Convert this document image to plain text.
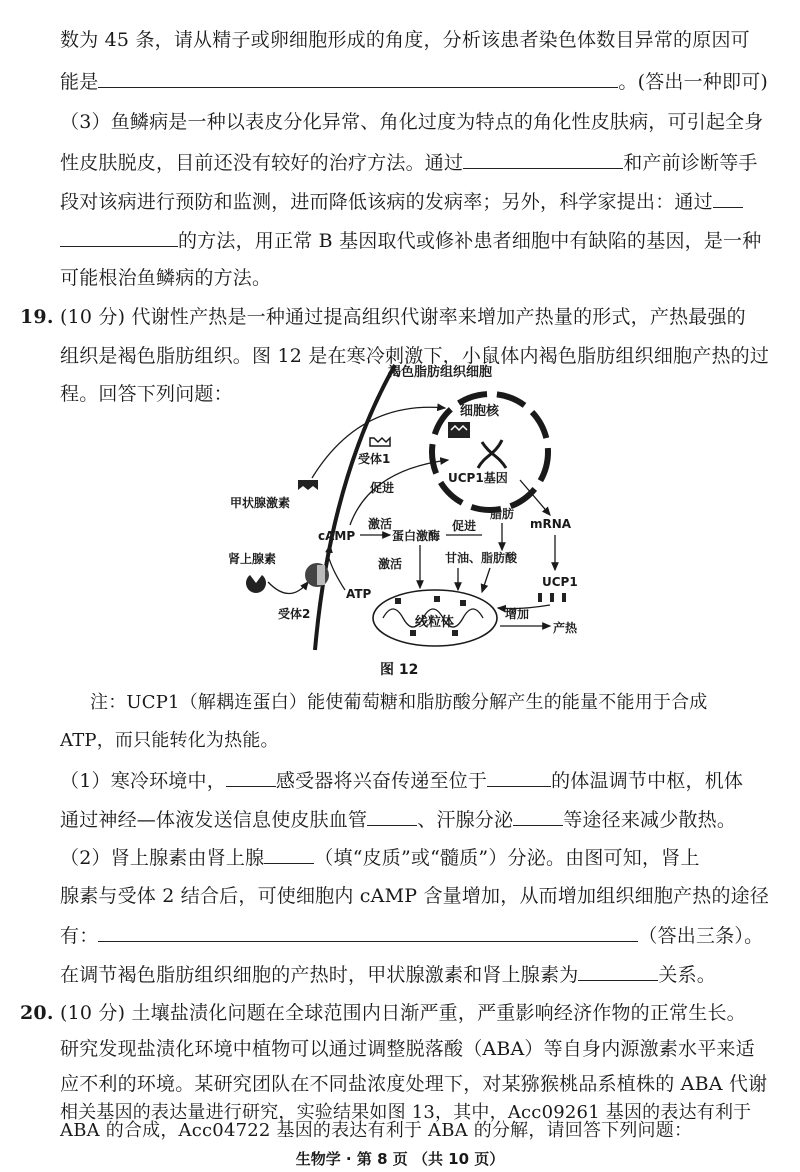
数为 45 条，请从精子或卵细胞形成的角度，分析该患者染色体数目异常的原因可
能是	。(答出一种即可)
（3）鱼鳞病是一种以表皮分化异常、角化过度为特点的角化性皮肤病，可引起全身
性皮肤脱皮，目前还没有较好的治疗方法。通过	和产前诊断等手
段对该病进行预防和监测，进而降低该病的发病率；另外，科学家提出：通过
的方法，用正常 B 基因取代或修补患者细胞中有缺陷的基因，是一种
可能根治鱼鳞病的方法。
19. (10 分) 代谢性产热是一种通过提高组织代谢率来增加产热量的形式，产热最强的
组织是褐色脂肪组织。图 12 是在寒冷刺激下，小鼠体内褐色脂肪组织细胞产热的过
程。回答下列问题：
褐色脂肪组织细胞
细胞核
UCP1基因
受体1
甲状腺激素
促进
cAMP
激活
蛋白激酶
脂肪
促进	mRNA
肾上腺素
受体2
ATP
激活	甘油、脂肪酸
UCP1
线粒体
增加
产热
图 12
注：UCP1（解耦连蛋白）能使葡萄糖和脂肪酸分解产生的能量不能用于合成
ATP，而只能转化为热能。
（1）寒冷环境中，	感受器将兴奋传递至位于	的体温调节中枢，机体
通过神经—体液发送信息使皮肤血管	、汗腺分泌	等途径来减少散热。
（2）肾上腺素由肾上腺	（填“皮质”或“髓质”）分泌。由图可知，肾上
腺素与受体 2 结合后，可使细胞内 cAMP 含量增加，从而增加组织细胞产热的途径
有：	（答出三条）。
在调节褐色脂肪组织细胞的产热时，甲状腺激素和肾上腺素为	关系。
20. (10 分) 土壤盐渍化问题在全球范围内日渐严重，严重影响经济作物的正常生长。
研究发现盐渍化环境中植物可以通过调整脱落酸（ABA）等自身内源激素水平来适
应不利的环境。某研究团队在不同盐浓度处理下，对某猕猴桃品系植株的 ABA 代谢
相关基因的表达量进行研究，实验结果如图 13，其中，Acc09261 基因的表达有利于
ABA 的合成，Acc04722 基因的表达有利于 ABA 的分解，请回答下列问题：
生物学 · 第 8 页 （共 10 页）
